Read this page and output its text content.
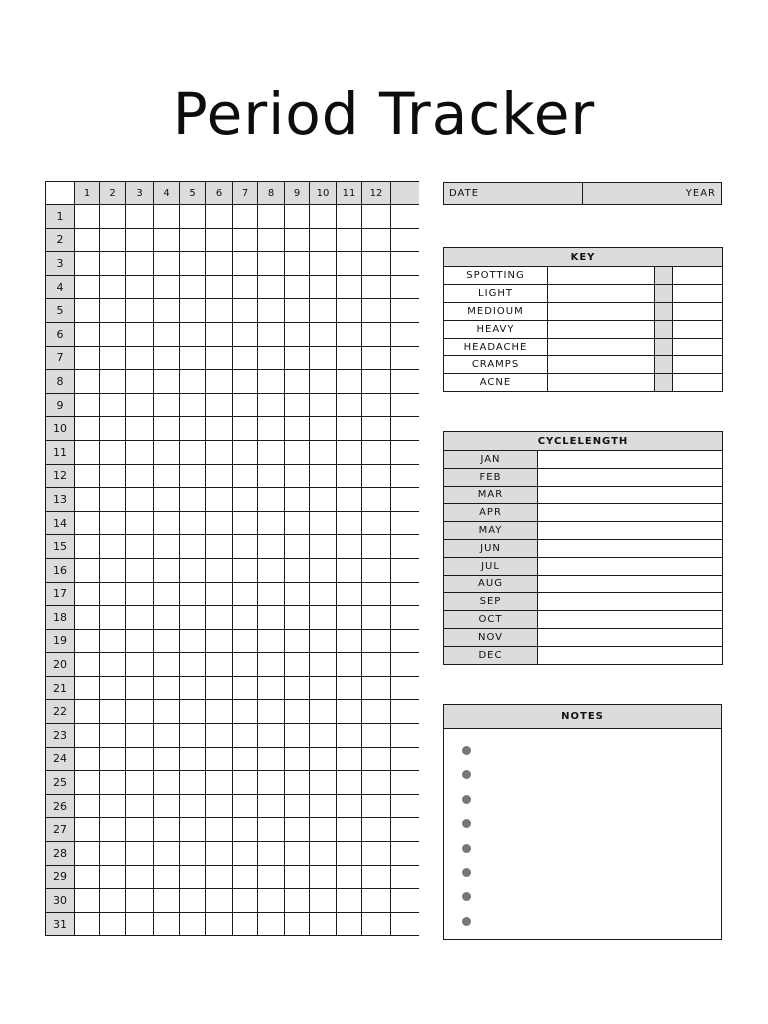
Period Tracker
	1	2	3	4	5	6	7	8	9	10	11	12	
1													
2													
3													
4													
5													
6													
7													
8													
9													
10													
11													
12													
13													
14													
15													
16													
17													
18													
19													
20													
21													
22													
23													
24													
25													
26													
27													
28													
29													
30													
31													
DATE	YEAR
KEY			
SPOTTING			
LIGHT			
MEDIOUM			
HEAVY			
HEADACHE			
CRAMPS			
ACNE			
CYCLELENGTH	
JAN	
FEB	
MAR	
APR	
MAY	
JUN	
JUL	
AUG	
SEP	
OCT	
NOV	
DEC	
NOTES
